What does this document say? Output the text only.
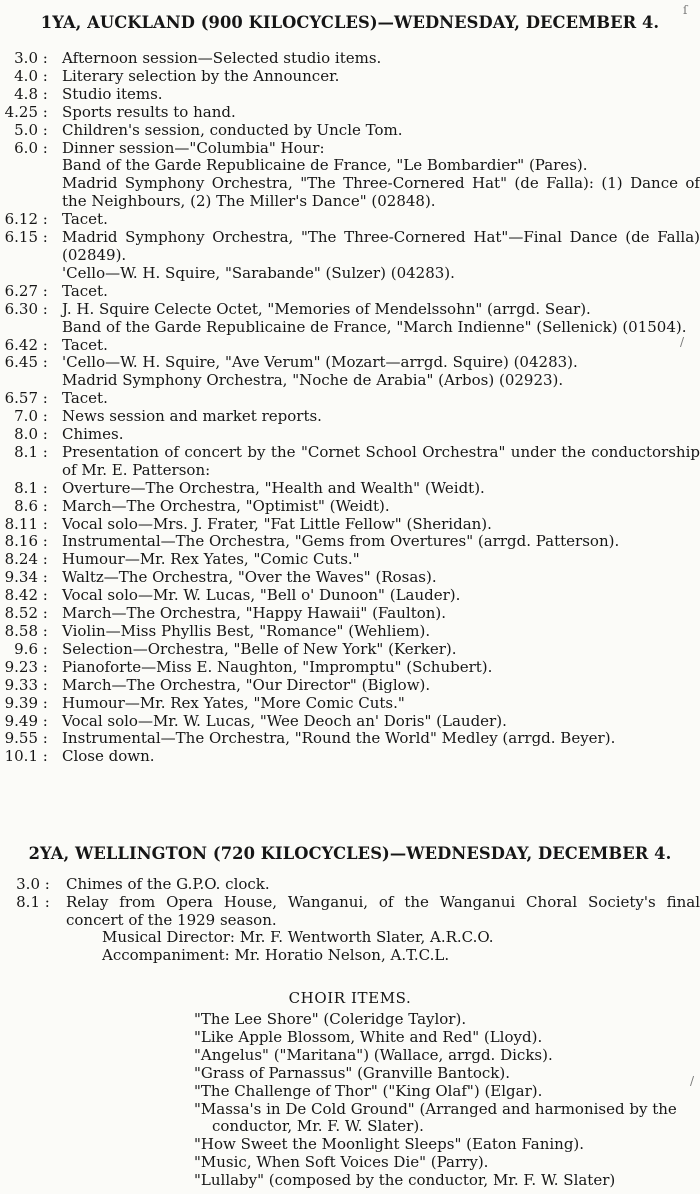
1YA, AUCKLAND (900 KILOCYCLES)—WEDNESDAY, DECEMBER 4.
3.0 : Afternoon session—Selected studio items.
4.0 : Literary selection by the Announcer.
4.8 : Studio items.
4.25 : Sports results to hand.
5.0 : Children's session, conducted by Uncle Tom.
6.0 : Dinner session—"Columbia" Hour:
Band of the Garde Republicaine de France, "Le Bombardier" (Pares).
Madrid Symphony Orchestra, "The Three-Cornered Hat" (de Falla): (1) Dance of the Neighbours, (2) The Miller's Dance" (02848).
6.12 : Tacet.
6.15 : Madrid Symphony Orchestra, "The Three-Cornered Hat"—Final Dance (de Falla) (02849).
'Cello—W. H. Squire, "Sarabande" (Sulzer) (04283).
6.27 : Tacet.
6.30 : J. H. Squire Celecte Octet, "Memories of Mendelssohn" (arrgd. Sear).
Band of the Garde Republicaine de France, "March Indienne" (Sellenick) (01504).
6.42 : Tacet.
6.45 : 'Cello—W. H. Squire, "Ave Verum" (Mozart—arrgd. Squire) (04283).
Madrid Symphony Orchestra, "Noche de Arabia" (Arbos) (02923).
6.57 : Tacet.
7.0 : News session and market reports.
8.0 : Chimes.
8.1 : Presentation of concert by the "Cornet School Orchestra" under the conductorship of Mr. E. Patterson:
8.1 : Overture—The Orchestra, "Health and Wealth" (Weidt).
8.6 : March—The Orchestra, "Optimist" (Weidt).
8.11 : Vocal solo—Mrs. J. Frater, "Fat Little Fellow" (Sheridan).
8.16 : Instrumental—The Orchestra, "Gems from Overtures" (arrgd. Patterson).
8.24 : Humour—Mr. Rex Yates, "Comic Cuts."
9.34 : Waltz—The Orchestra, "Over the Waves" (Rosas).
8.42 : Vocal solo—Mr. W. Lucas, "Bell o' Dunoon" (Lauder).
8.52 : March—The Orchestra, "Happy Hawaii" (Faulton).
8.58 : Violin—Miss Phyllis Best, "Romance" (Wehliem).
9.6 : Selection—Orchestra, "Belle of New York" (Kerker).
9.23 : Pianoforte—Miss E. Naughton, "Impromptu" (Schubert).
9.33 : March—The Orchestra, "Our Director" (Biglow).
9.39 : Humour—Mr. Rex Yates, "More Comic Cuts."
9.49 : Vocal solo—Mr. W. Lucas, "Wee Deoch an' Doris" (Lauder).
9.55 : Instrumental—The Orchestra, "Round the World" Medley (arrgd. Beyer).
10.1 : Close down.
2YA, WELLINGTON (720 KILOCYCLES)—WEDNESDAY, DECEMBER 4.
3.0 : Chimes of the G.P.O. clock.
8.1 : Relay from Opera House, Wanganui, of the Wanganui Choral Society's final concert of the 1929 season.
Musical Director: Mr. F. Wentworth Slater, A.R.C.O.
Accompaniment: Mr. Horatio Nelson, A.T.C.L.
CHOIR ITEMS.
"The Lee Shore" (Coleridge Taylor).
"Like Apple Blossom, White and Red" (Lloyd).
"Angelus" ("Maritana") (Wallace, arrgd. Dicks).
"Grass of Parnassus" (Granville Bantock).
"The Challenge of Thor" ("King Olaf") (Elgar).
"Massa's in De Cold Ground" (Arranged and harmonised by the conductor, Mr. F. W. Slater).
"How Sweet the Moonlight Sleeps" (Eaton Faning).
"Music, When Soft Voices Die" (Parry).
"Lullaby" (composed by the conductor, Mr. F. W. Slater)
ſ
/
/
